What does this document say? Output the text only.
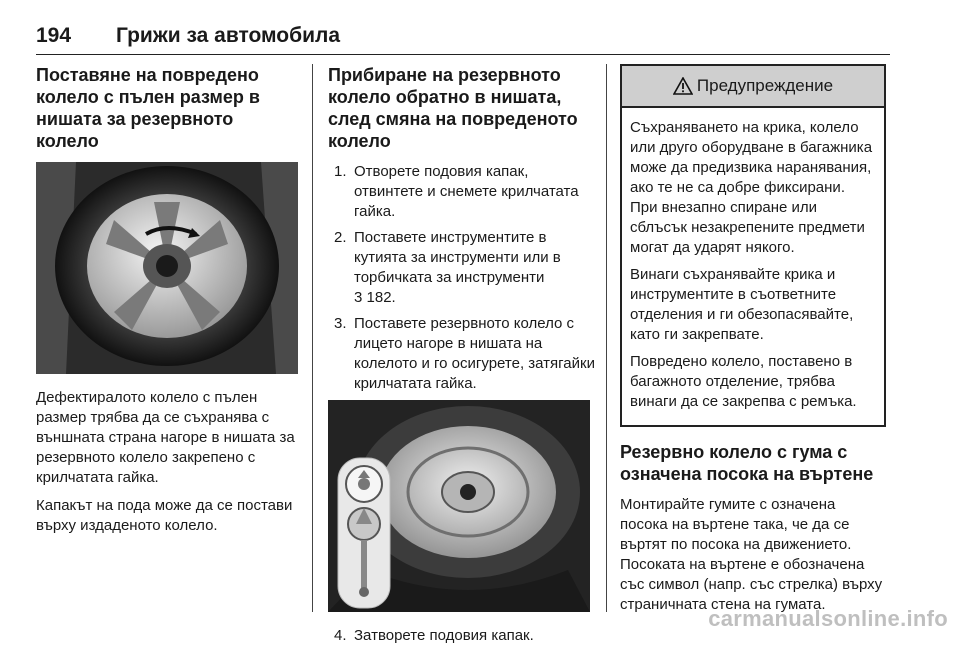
194 Грижи за автомобила
Поставяне на повредено колело с пълен размер в нишата за резервното колело

Дефектиралото колело с пълен размер трябва да се съхранява с външната страна нагоре в нишата за резервното колело закрепено с крилчатата гайка.

Капакът на пода може да се постави върху издаденото колело.

Прибиране на резервното колело обратно в нишата, след смяна на повреденото колело
1. Отворете подовия капак, отвинтете и снемете крилчатата гайка.
2. Поставете инструментите в кутията за инструменти или в торбичката за инструменти
3 182.
3. Поставете резервното колело с лицето нагоре в нишата на колелото и го осигурете, затягайки крилчатата гайка.
4. Затворете подовия капак.
Предупреждение

Съхраняването на крика, колело или друго оборудване в багажника може да предизвика наранявания, ако те не са добре фиксирани. При внезапно спиране или сблъсък незакрепените предмети могат да ударят някого.

Винаги съхранявайте крика и инструментите в съответните отделения и ги обезопасявайте, като ги закрепвате.

Повредено колело, поставено в багажното отделение, трябва винаги да се закрепва с ремъка.

Резервно колело с гума с означена посока на въртене

Монтирайте гумите с означена посока на въртене така, че да се въртят по посока на движението. Посоката на въртене е обозначена със символ (напр. със стрелка) върху страничната стена на гумата.

carmanualsonline.info
